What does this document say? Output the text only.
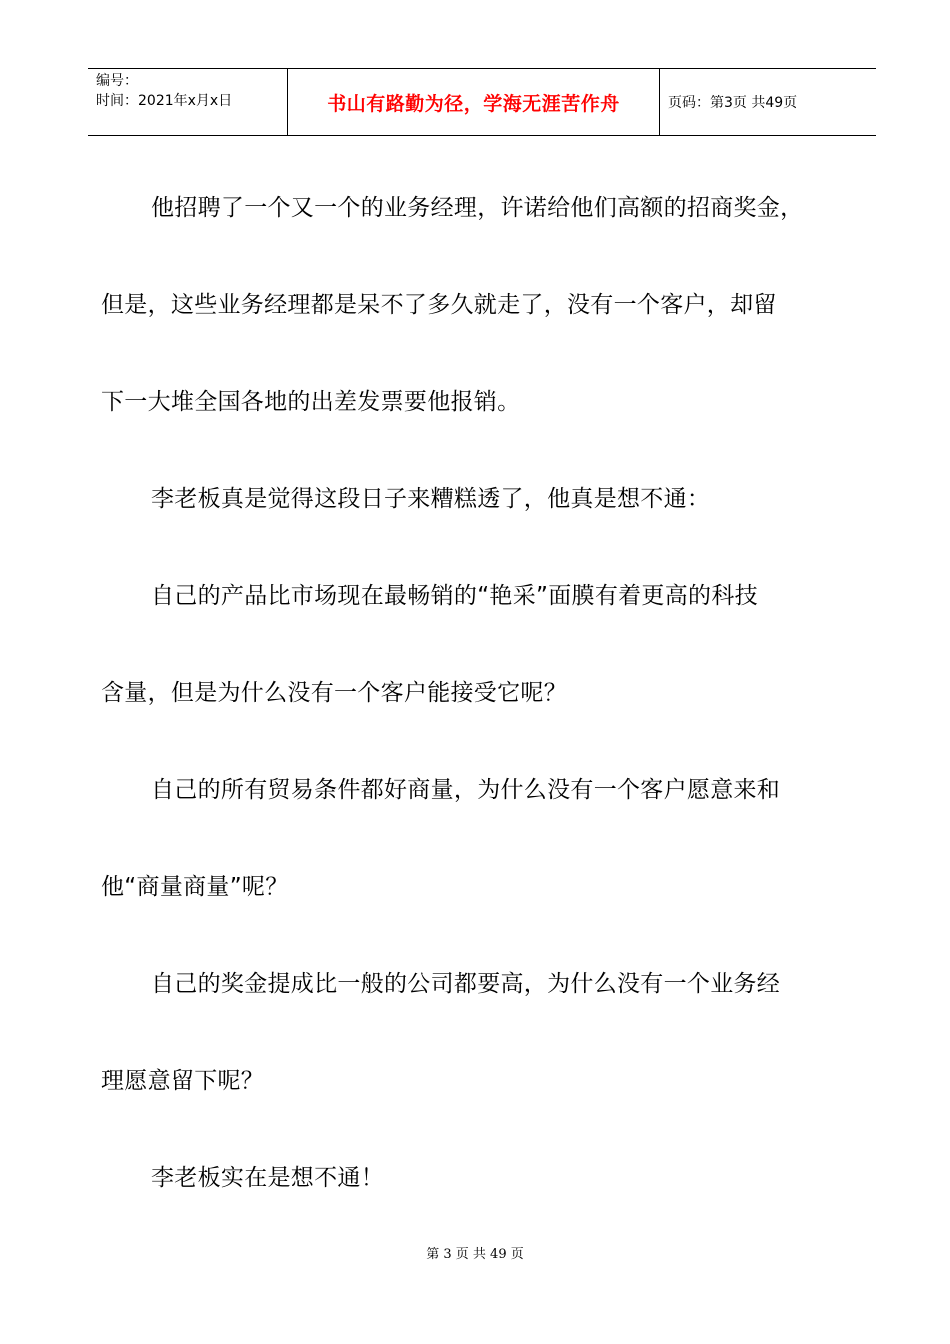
编号：
时间：2021年x月x日	书山有路勤为径，学海无涯苦作舟	页码：第3页 共49页

他招聘了一个又一个的业务经理，许诺给他们高额的招商奖金，

但是，这些业务经理都是呆不了多久就走了，没有一个客户，却留

下一大堆全国各地的出差发票要他报销。

李老板真是觉得这段日子来糟糕透了，他真是想不通：

自己的产品比市场现在最畅销的“艳采”面膜有着更高的科技

含量，但是为什么没有一个客户能接受它呢？

自己的所有贸易条件都好商量，为什么没有一个客户愿意来和

他“商量商量”呢？

自己的奖金提成比一般的公司都要高，为什么没有一个业务经

理愿意留下呢？

李老板实在是想不通！

第 3 页 共 49 页
